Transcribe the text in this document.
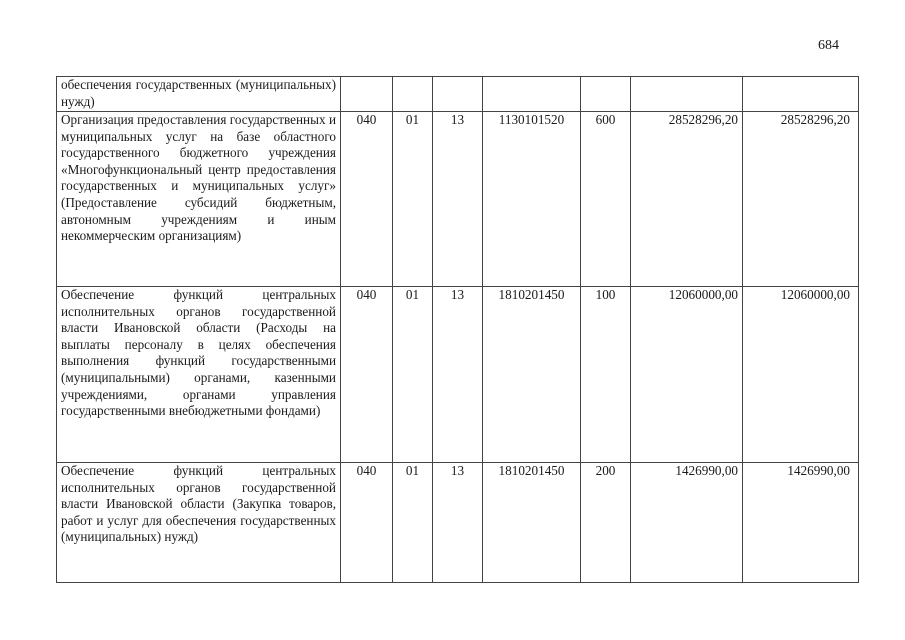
684
обеспечения государственных (муниципальных) нужд)							
Организация предоставления государственных и муниципальных услуг на базе областного государственного бюджетного учреждения «Многофункциональный центр предоставления государственных и муниципальных услуг» (Предоставление субсидий бюджетным, автономным учреждениям и иным некоммерческим организациям)	040	01	13	1130101520	600	28528296,20	28528296,20
Обеспечение функций центральных исполнительных органов государственной власти Ивановской области (Расходы на выплаты персоналу в целях обеспечения выполнения функций государственными (муниципальными) органами, казенными учреждениями, органами управления государственными внебюджетными фондами)	040	01	13	1810201450	100	12060000,00	12060000,00
Обеспечение функций центральных исполнительных органов государственной власти Ивановской области (Закупка товаров, работ и услуг для обеспечения государственных (муниципальных) нужд)	040	01	13	1810201450	200	1426990,00	1426990,00
